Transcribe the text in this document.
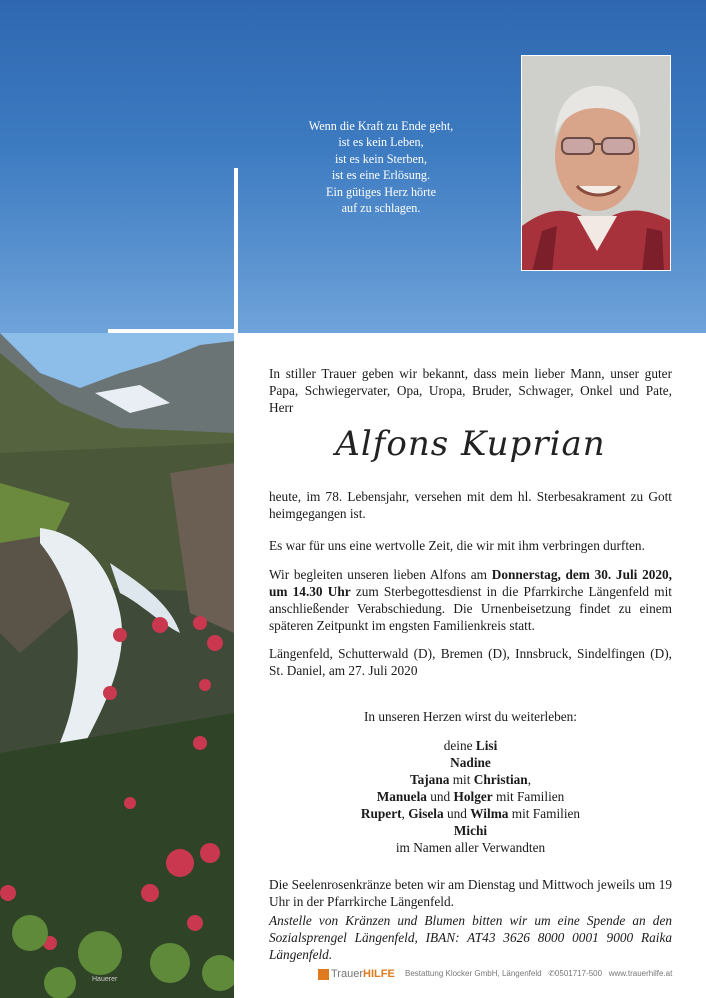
Wenn die Kraft zu Ende geht,
ist es kein Leben,
ist es kein Sterben,
ist es eine Erlösung.
Ein gütiges Herz hörte
auf zu schlagen.
In stiller Trauer geben wir bekannt, dass mein lieber Mann, unser guter Papa, Schwiegervater, Opa, Uropa, Bruder, Schwager, Onkel und Pate, Herr
Alfons Kuprian
heute, im 78. Lebensjahr, versehen mit dem hl. Sterbesakrament zu Gott heimgegangen ist.
Es war für uns eine wertvolle Zeit, die wir mit ihm verbringen durften.
Wir begleiten unseren lieben Alfons am Donnerstag, dem 30. Juli 2020, um 14.30 Uhr zum Sterbegottesdienst in die Pfarrkirche Längenfeld mit anschließender Verabschiedung. Die Urnenbeisetzung findet zu einem späteren Zeitpunkt im engsten Familienkreis statt.
Längenfeld, Schutterwald (D), Bremen (D), Innsbruck, Sindelfingen (D), St. Daniel, am 27. Juli 2020
In unseren Herzen wirst du weiterleben:
deine Lisi
Nadine
Tajana mit Christian,
Manuela und Holger mit Familien
Rupert, Gisela und Wilma mit Familien
Michi
im Namen aller Verwandten
Die Seelenrosenkränze beten wir am Dienstag und Mittwoch jeweils um 19 Uhr in der Pfarrkirche Längenfeld.
Anstelle von Kränzen und Blumen bitten wir um eine Spende an den Sozialsprengel Längenfeld, IBAN: AT43 3626 8000 0001 9000 Raika Längenfeld.
Hauerer	TrauerHILFE Bestattung Klocker GmbH, Längenfeld ✆0501717-500 www.trauerhilfe.at
